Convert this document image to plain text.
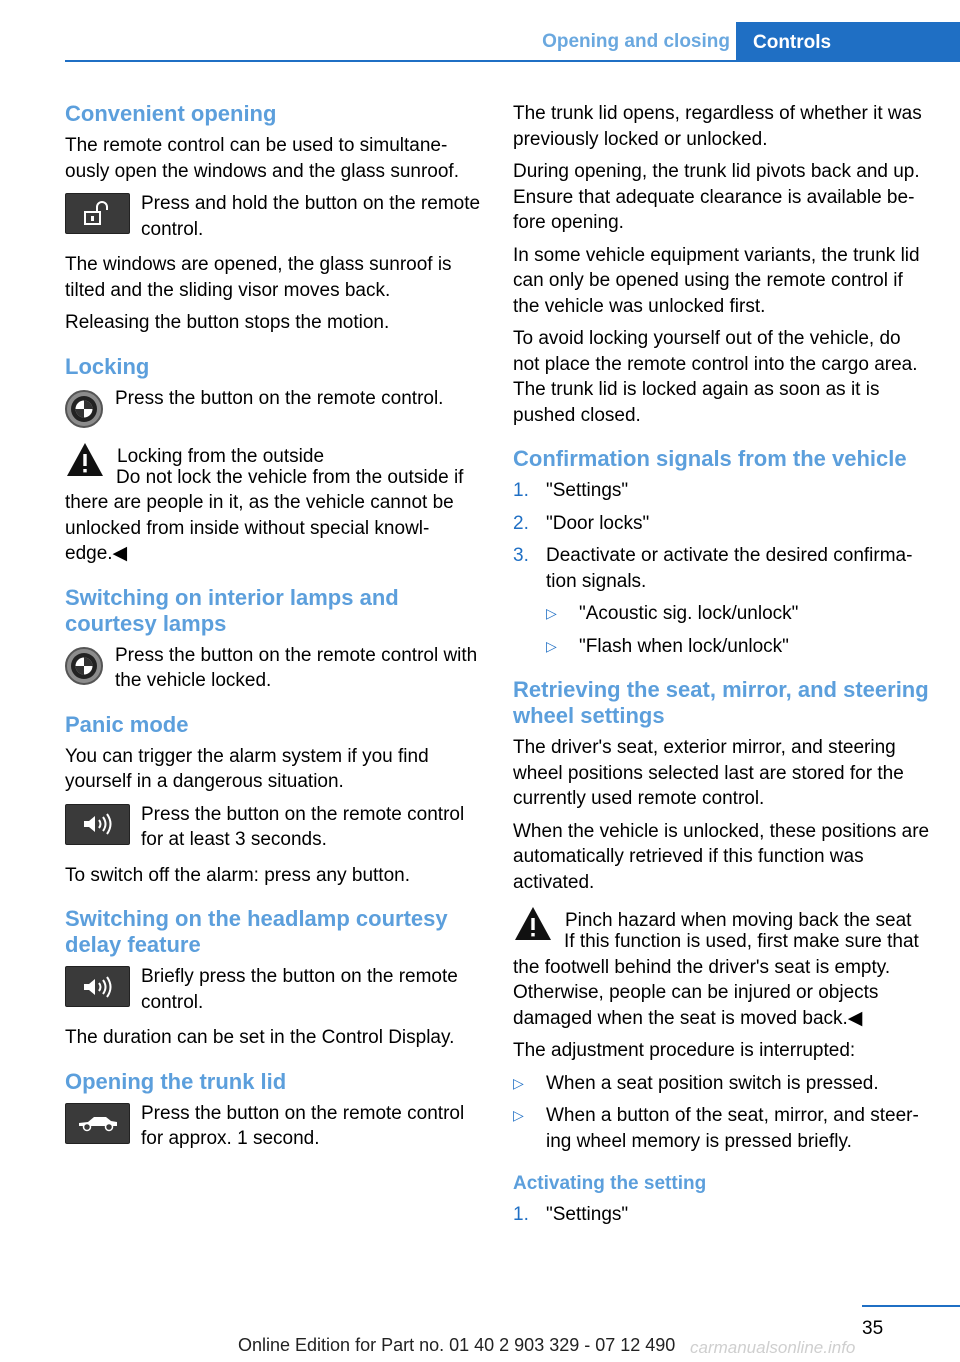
Opening and closing	Controls
Convenient opening

The remote control can be used to simultaneously open the windows and the glass sunroof.

Press and hold the button on the remote control.

The windows are opened, the glass sunroof is tilted and the sliding visor moves back.

Releasing the button stops the motion.

Locking
Press the button on the remote control.
Locking from the outside

Do not lock the vehicle from the outside if there are people in it, as the vehicle cannot be unlocked from inside without special knowledge.◀

Switching on interior lamps and courtesy lamps
Press the button on the remote control with the vehicle locked.
Panic mode

You can trigger the alarm system if you find yourself in a dangerous situation.

Press the button on the remote control for at least 3 seconds.

To switch off the alarm: press any button.

Switching on the headlamp courtesy delay feature
Briefly press the button on the remote control.

The duration can be set in the Control Display.

Opening the trunk lid
Press the button on the remote control for approx. 1 second.

The trunk lid opens, regardless of whether it was previously locked or unlocked.

During opening, the trunk lid pivots back and up. Ensure that adequate clearance is available before opening.

In some vehicle equipment variants, the trunk lid can only be opened using the remote control if the vehicle was unlocked first.

To avoid locking yourself out of the vehicle, do not place the remote control into the cargo area. The trunk lid is locked again as soon as it is pushed closed.

Confirmation signals from the vehicle
1. "Settings"
2. "Door locks"
3. Deactivate or activate the desired confirmation signals.
▷	"Acoustic sig. lock/unlock"
▷	"Flash when lock/unlock"
Retrieving the seat, mirror, and steering wheel settings

The driver's seat, exterior mirror, and steering wheel positions selected last are stored for the currently used remote control.

When the vehicle is unlocked, these positions are automatically retrieved if this function was activated.

Pinch hazard when moving back the seat

If this function is used, first make sure that the footwell behind the driver's seat is empty. Otherwise, people can be injured or objects damaged when the seat is moved back.◀

The adjustment procedure is interrupted:

▷	When a seat position switch is pressed.
▷	When a button of the seat, mirror, and steering wheel memory is pressed briefly.
Activating the setting
1. "Settings"
35
Online Edition for Part no. 01 40 2 903 329 - 07 12 490 carmanualsonline.info
